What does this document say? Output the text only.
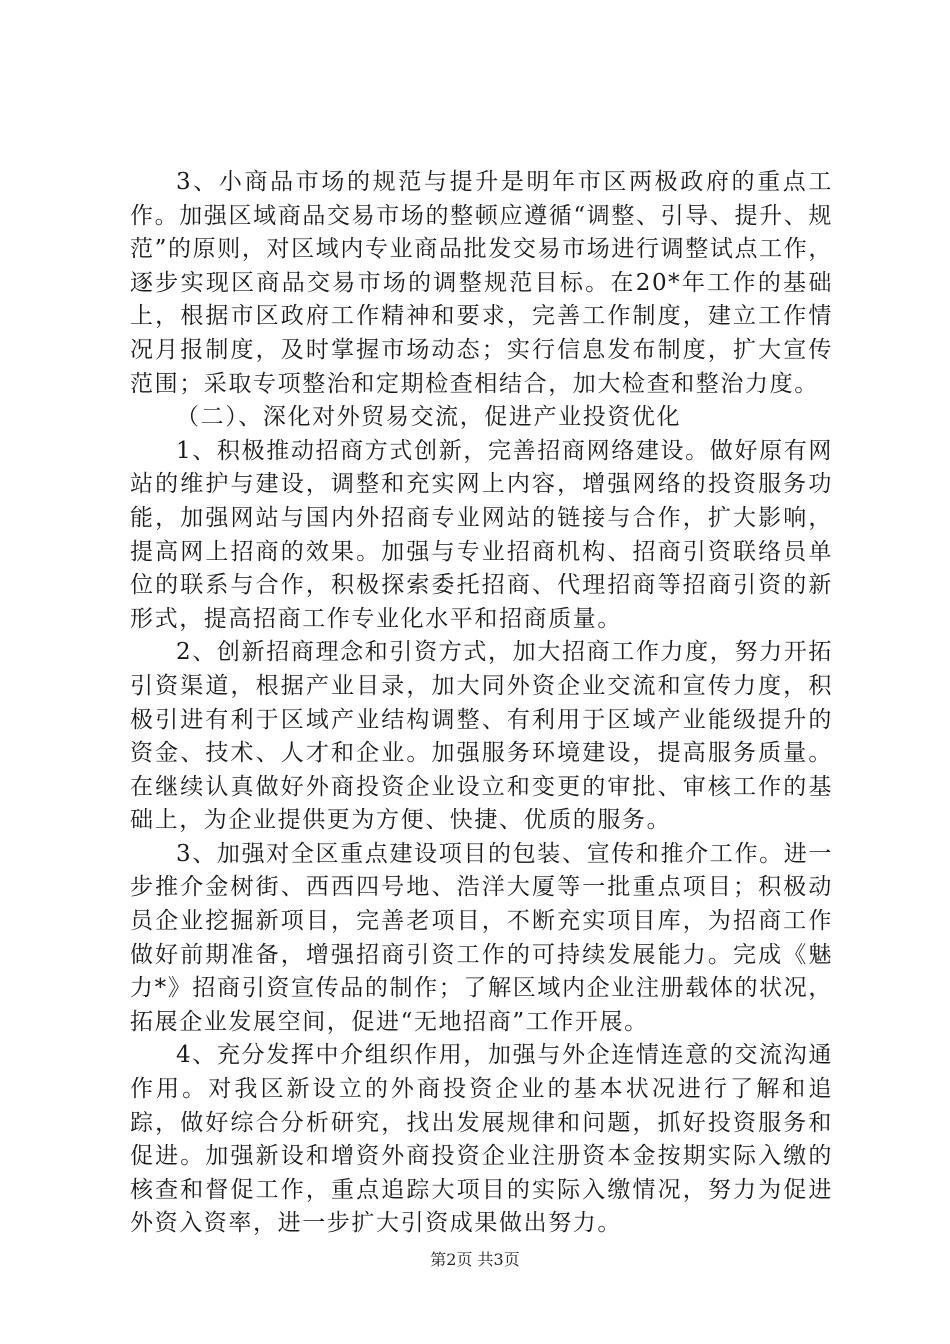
3、小商品市场的规范与提升是明年市区两极政府的重点工作。加强区域商品交易市场的整顿应遵循“调整、引导、提升、规范”的原则，对区域内专业商品批发交易市场进行调整试点工作，逐步实现区商品交易市场的调整规范目标。在20*年工作的基础上，根据市区政府工作精神和要求，完善工作制度，建立工作情况月报制度，及时掌握市场动态；实行信息发布制度，扩大宣传范围；采取专项整治和定期检查相结合，加大检查和整治力度。

（二）、深化对外贸易交流，促进产业投资优化

1、积极推动招商方式创新，完善招商网络建设。做好原有网站的维护与建设，调整和充实网上内容，增强网络的投资服务功能，加强网站与国内外招商专业网站的链接与合作，扩大影响，提高网上招商的效果。加强与专业招商机构、招商引资联络员单位的联系与合作，积极探索委托招商、代理招商等招商引资的新形式，提高招商工作专业化水平和招商质量。

2、创新招商理念和引资方式，加大招商工作力度，努力开拓引资渠道，根据产业目录，加大同外资企业交流和宣传力度，积极引进有利于区域产业结构调整、有利用于区域产业能级提升的资金、技术、人才和企业。加强服务环境建设，提高服务质量。在继续认真做好外商投资企业设立和变更的审批、审核工作的基础上，为企业提供更为方便、快捷、优质的服务。

3、加强对全区重点建设项目的包装、宣传和推介工作。进一步推介金树街、西西四号地、浩洋大厦等一批重点项目；积极动员企业挖掘新项目，完善老项目，不断充实项目库，为招商工作做好前期准备，增强招商引资工作的可持续发展能力。完成《魅力*》招商引资宣传品的制作；了解区域内企业注册载体的状况，拓展企业发展空间，促进“无地招商”工作开展。

4、充分发挥中介组织作用，加强与外企连情连意的交流沟通作用。对我区新设立的外商投资企业的基本状况进行了解和追踪，做好综合分析研究，找出发展规律和问题，抓好投资服务和促进。加强新设和增资外商投资企业注册资本金按期实际入缴的核查和督促工作，重点追踪大项目的实际入缴情况，努力为促进外资入资率，进一步扩大引资成果做出努力。

第2页 共3页
